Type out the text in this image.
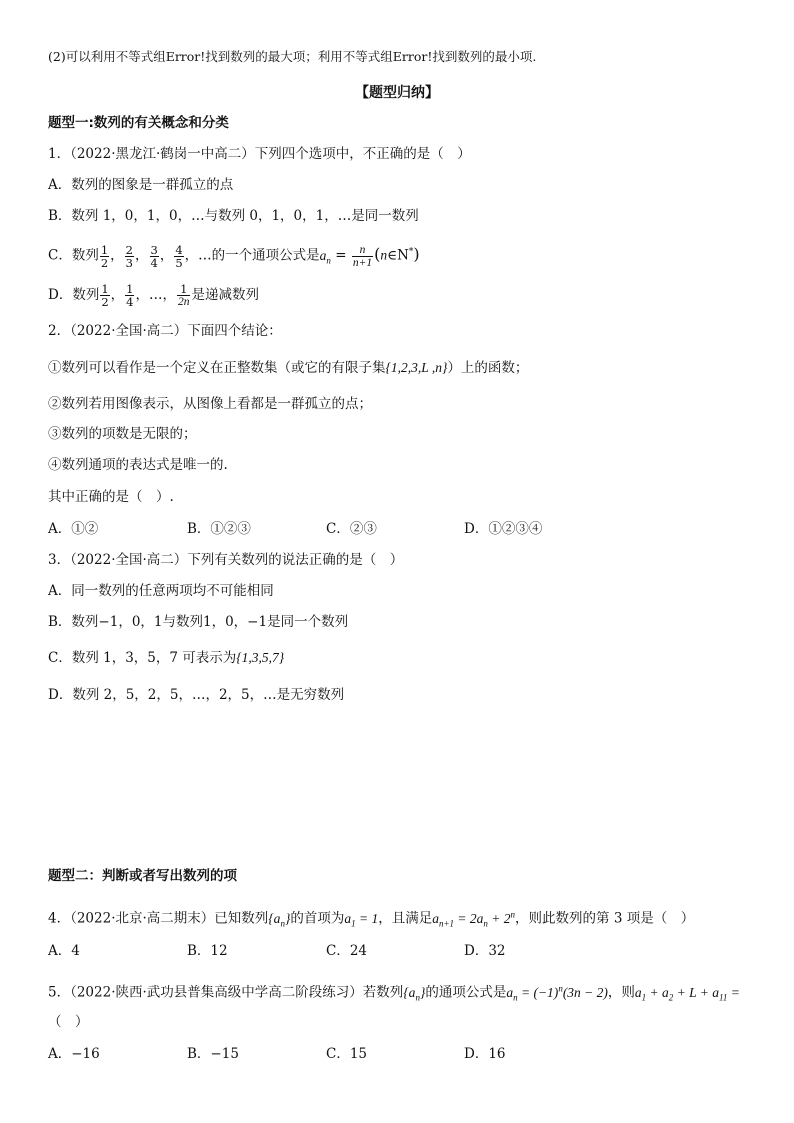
(2)可以利用不等式组Error!找到数列的最大项；利用不等式组Error!找到数列的最小项.
【题型归纳】
题型一:数列的有关概念和分类
1．（2022·黑龙江·鹤岗一中高二）下列四个选项中，不正确的是（　）
A．数列的图象是一群孤立的点
B．数列 1，0，1，0，…与数列 0，1，0，1，…是同一数列
C．数列 $\frac{1}{2}$ ， $\frac{2}{3}$ ， $\frac{3}{4}$ ， $\frac{4}{5}$ ，…的一个通项公式是$a_n = \frac{n}{n+1}$ (n∈N*)
D．数列 $\frac{1}{2}$ ， $\frac{1}{4}$ ，…， $\frac{1}{2n}$ 是递减数列
2．（2022·全国·高二）下面四个结论：
①数列可以看作是一个定义在正整数集（或它的有限子集{1,2,3,L ,n}）上的函数；
②数列若用图像表示，从图像上看都是一群孤立的点；
③数列的项数是无限的；
④数列通项的表达式是唯一的.
其中正确的是（　）.
A．①②	B．①②③	C．②③	D．①②③④
3．（2022·全国·高二）下列有关数列的说法正确的是（　）
A．同一数列的任意两项均不可能相同
B．数列−1，0，1与数列1，0，−1是同一个数列
C．数列 1，3，5，7 可表示为{1,3,5,7}
D．数列 2，5，2，5，…，2，5，…是无穷数列
题型二：判断或者写出数列的项
4．（2022·北京·高二期末）已知数列$\{a_n\}$的首项为$a_1 = 1$，且满足$a_{n+1} = 2a_n + 2^n$，则此数列的第 3 项是（　）
A．4	B．12	C．24	D．32
5．（2022·陕西·武功县普集高级中学高二阶段练习）若数列$\{a_n\}$的通项公式是$a_n = (-1)^n(3n - 2)$，则$a_1 + a_2 + L + a_{11}$ =
（　）
A．−16	B．−15	C．15	D．16
